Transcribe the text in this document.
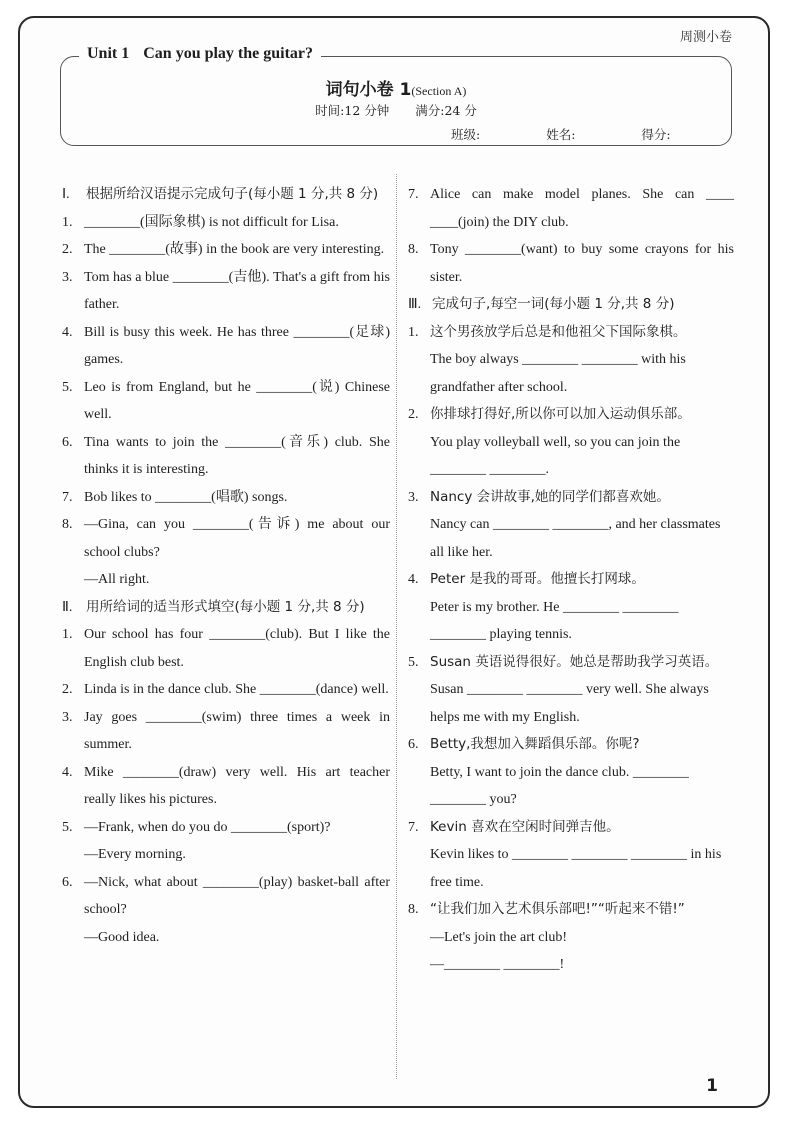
周测小卷
Unit 1 Can you play the guitar?
词句小卷 1(Section A)
时间:12 分钟 满分:24 分
班级:	姓名:	得分:
Ⅰ.	根据所给汉语提示完成句子(每小题 1 分,共 8 分)
1. ________(国际象棋) is not difficult for Lisa.
2. The ________(故事) in the book are very interesting.
3. Tom has a blue ________(吉他). That's a gift from his father.
4. Bill is busy this week. He has three ________(足球) games.
5. Leo is from England, but he ________(说) Chinese well.
6. Tina wants to join the ________(音乐) club. She thinks it is interesting.
7. Bob likes to ________(唱歌) songs.
8. —Gina, can you ________(告诉) me about our school clubs?
—All right.
Ⅱ.	用所给词的适当形式填空(每小题 1 分,共 8 分)
1. Our school has four ________(club). But I like the English club best.
2. Linda is in the dance club. She ________(dance) well.
3. Jay goes ________(swim) three times a week in summer.
4. Mike ________(draw) very well. His art teacher really likes his pictures.
5. —Frank, when do you do ________(sport)?
—Every morning.
6. —Nick, what about ________(play) basket-ball after school?
—Good idea.
7. Alice can make model planes. She can ____ ____(join) the DIY club.
8. Tony ________(want) to buy some crayons for his sister.
Ⅲ. 完成句子,每空一词(每小题 1 分,共 8 分)
1. 这个男孩放学后总是和他祖父下国际象棋。
The boy always ________ ________ with his grandfather after school.
2. 你排球打得好,所以你可以加入运动俱乐部。
You play volleyball well, so you can join the ________ ________.
3. Nancy 会讲故事,她的同学们都喜欢她。
Nancy can ________ ________, and her classmates all like her.
4. Peter 是我的哥哥。他擅长打网球。
Peter is my brother. He ________ ________ ________ playing tennis.
5. Susan 英语说得很好。她总是帮助我学习英语。
Susan ________ ________ very well. She always helps me with my English.
6. Betty,我想加入舞蹈俱乐部。你呢?
Betty, I want to join the dance club. ________ ________ you?
7. Kevin 喜欢在空闲时间弹吉他。
Kevin likes to ________ ________ ________ in his free time.
8. “让我们加入艺术俱乐部吧!”“听起来不错!”
—Let's join the art club!
—________ ________!
1
